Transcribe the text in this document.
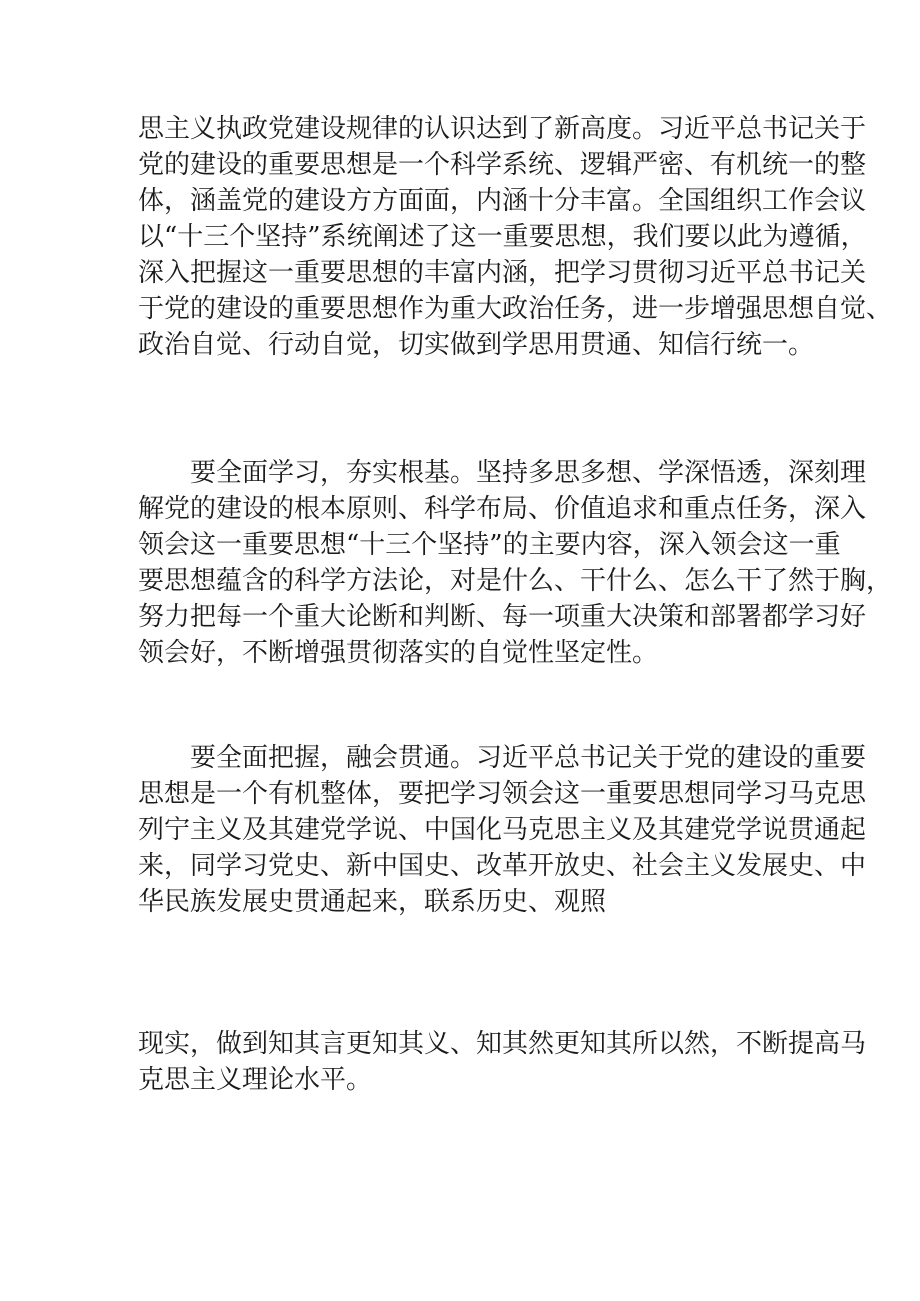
思主义执政党建设规律的认识达到了新高度。习近平总书记关于
党的建设的重要思想是一个科学系统、逻辑严密、有机统一的整
体，涵盖党的建设方方面面，内涵十分丰富。全国组织工作会议
以“十三个坚持”系统阐述了这一重要思想，我们要以此为遵循，
深入把握这一重要思想的丰富内涵，把学习贯彻习近平总书记关
于党的建设的重要思想作为重大政治任务，进一步增强思想自觉、
政治自觉、行动自觉，切实做到学思用贯通、知信行统一。
要全面学习，夯实根基。坚持多思多想、学深悟透，深刻理
解党的建设的根本原则、科学布局、价值追求和重点任务，深入
领会这一重要思想“十三个坚持”的主要内容，深入领会这一重
要思想蕴含的科学方法论，对是什么、干什么、怎么干了然于胸，
努力把每一个重大论断和判断、每一项重大决策和部署都学习好
领会好，不断增强贯彻落实的自觉性坚定性。
要全面把握，融会贯通。习近平总书记关于党的建设的重要
思想是一个有机整体，要把学习领会这一重要思想同学习马克思
列宁主义及其建党学说、中国化马克思主义及其建党学说贯通起
来，同学习党史、新中国史、改革开放史、社会主义发展史、中
华民族发展史贯通起来，联系历史、观照
现实，做到知其言更知其义、知其然更知其所以然，不断提高马
克思主义理论水平。
